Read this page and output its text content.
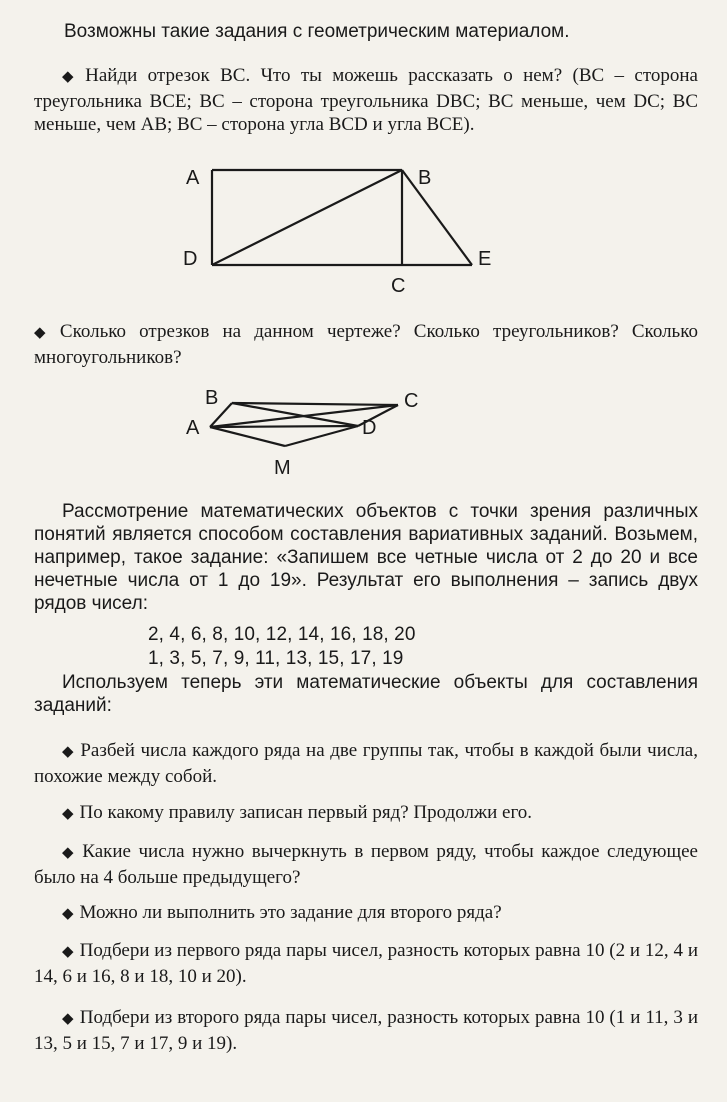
Возможны такие задания с геометрическим материалом.

◆ Найди отрезок ВС. Что ты можешь рассказать о нем? (ВС – сторона треугольника ВСЕ; ВС – сторона треугольника DВС; ВС меньше, чем DС; ВС меньше, чем АВ; ВС – сторона угла ВСD и угла ВСЕ).

A	B
D	E
C

◆ Сколько отрезков на данном чертеже? Сколько треугольников? Сколько многоугольников?

B	C
A	D
M

Рассмотрение математических объектов с точки зрения различных понятий является способом составления вариативных заданий. Возьмем, например, такое задание: «Запишем все четные числа от 2 до 20 и все нечетные числа от 1 до 19». Результат его выполнения – запись двух рядов чисел:

2, 4, 6, 8, 10, 12, 14, 16, 18, 20

1, 3, 5, 7, 9, 11, 13, 15, 17, 19

Используем теперь эти математические объекты для составления заданий:

◆ Разбей числа каждого ряда на две группы так, чтобы в каждой были числа, похожие между собой.

◆ По какому правилу записан первый ряд? Продолжи его.

◆ Какие числа нужно вычеркнуть в первом ряду, чтобы каждое следующее было на 4 больше предыдущего?

◆ Можно ли выполнить это задание для второго ряда?

◆ Подбери из первого ряда пары чисел, разность которых равна 10 (2 и 12, 4 и 14, 6 и 16, 8 и 18, 10 и 20).

◆ Подбери из второго ряда пары чисел, разность которых равна 10 (1 и 11, 3 и 13, 5 и 15, 7 и 17, 9 и 19).
